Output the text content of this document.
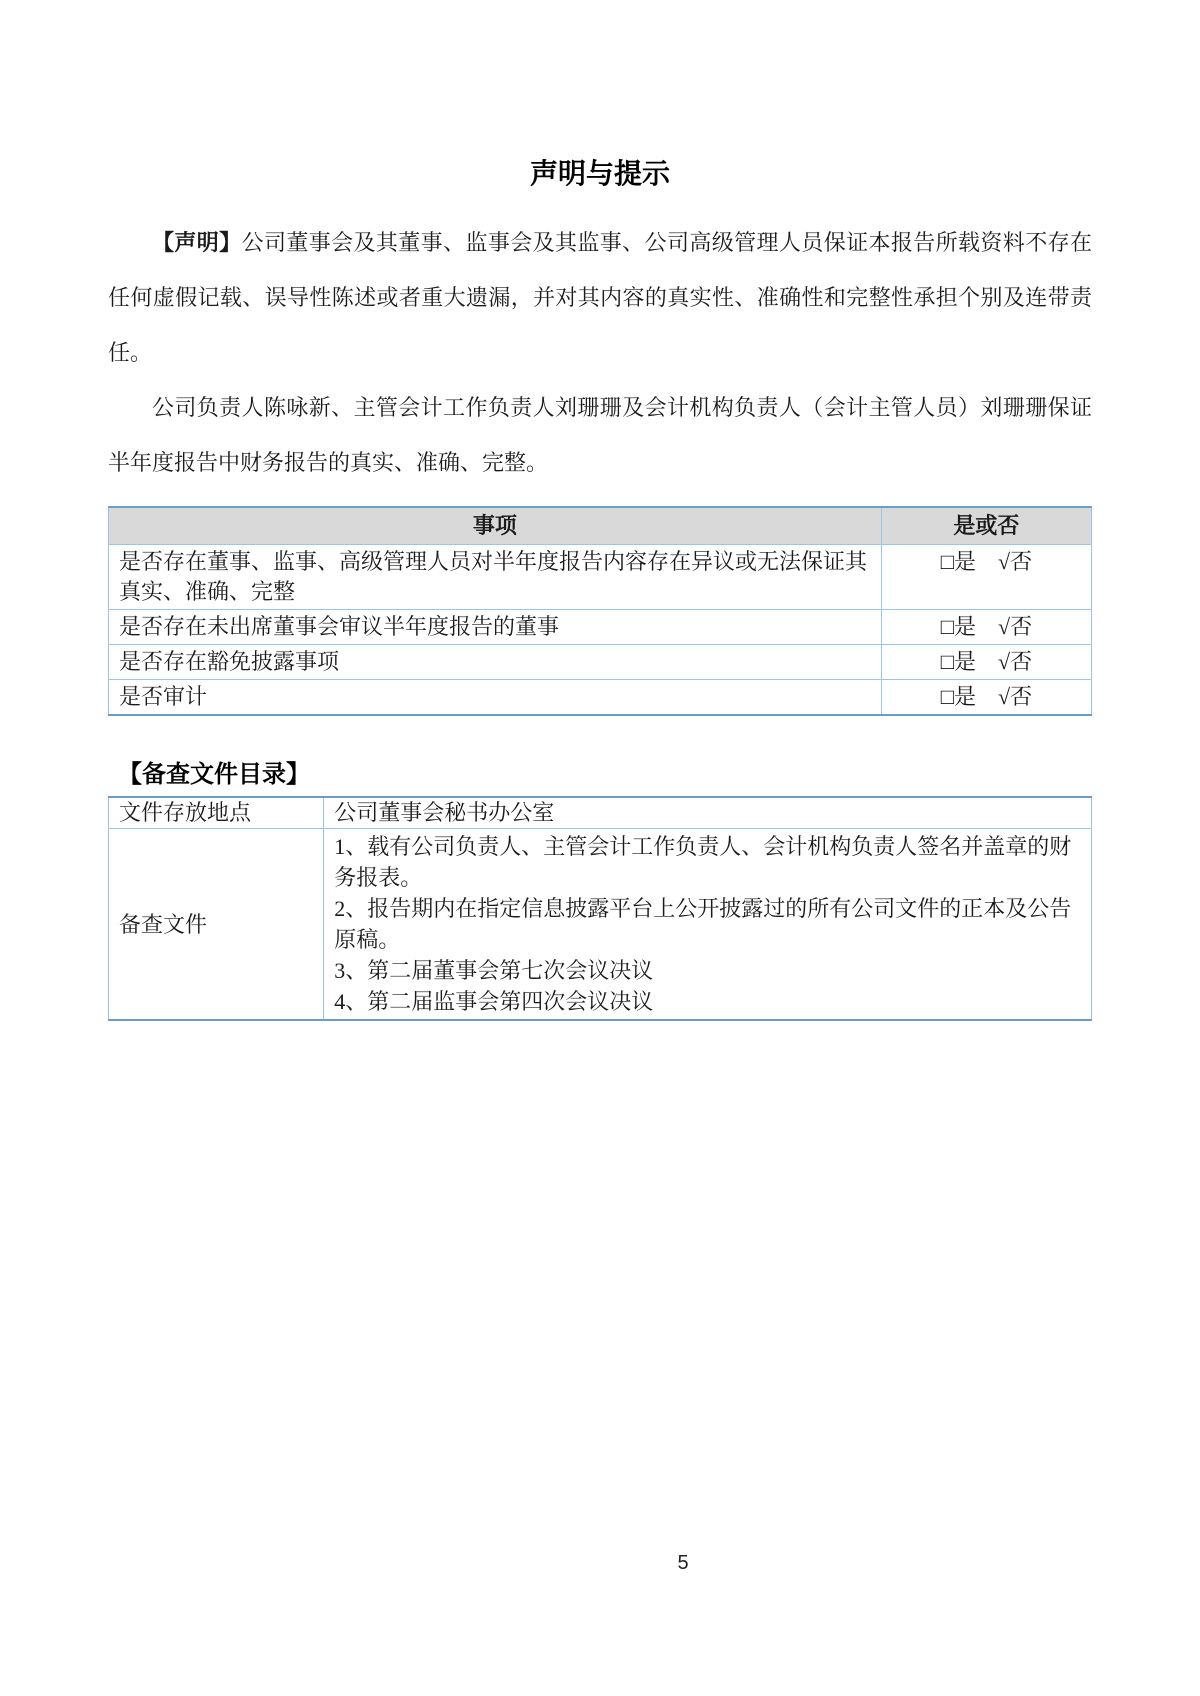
声明与提示

【声明】公司董事会及其董事、监事会及其监事、公司高级管理人员保证本报告所载资料不存在任何虚假记载、误导性陈述或者重大遗漏，并对其内容的真实性、准确性和完整性承担个别及连带责任。

公司负责人陈咏新、主管会计工作负责人刘珊珊及会计机构负责人（会计主管人员）刘珊珊保证半年度报告中财务报告的真实、准确、完整。

事项	是或否
是否存在董事、监事、高级管理人员对半年度报告内容存在异议或无法保证其真实、准确、完整	□是　√否
是否存在未出席董事会审议半年度报告的董事	□是　√否
是否存在豁免披露事项	□是　√否
是否审计	□是　√否
【备查文件目录】
文件存放地点	公司董事会秘书办公室
备查文件	1、载有公司负责人、主管会计工作负责人、会计机构负责人签名并盖章的财务报表。
2、报告期内在指定信息披露平台上公开披露过的所有公司文件的正本及公告原稿。
3、第二届董事会第七次会议决议
4、第二届监事会第四次会议决议
5
